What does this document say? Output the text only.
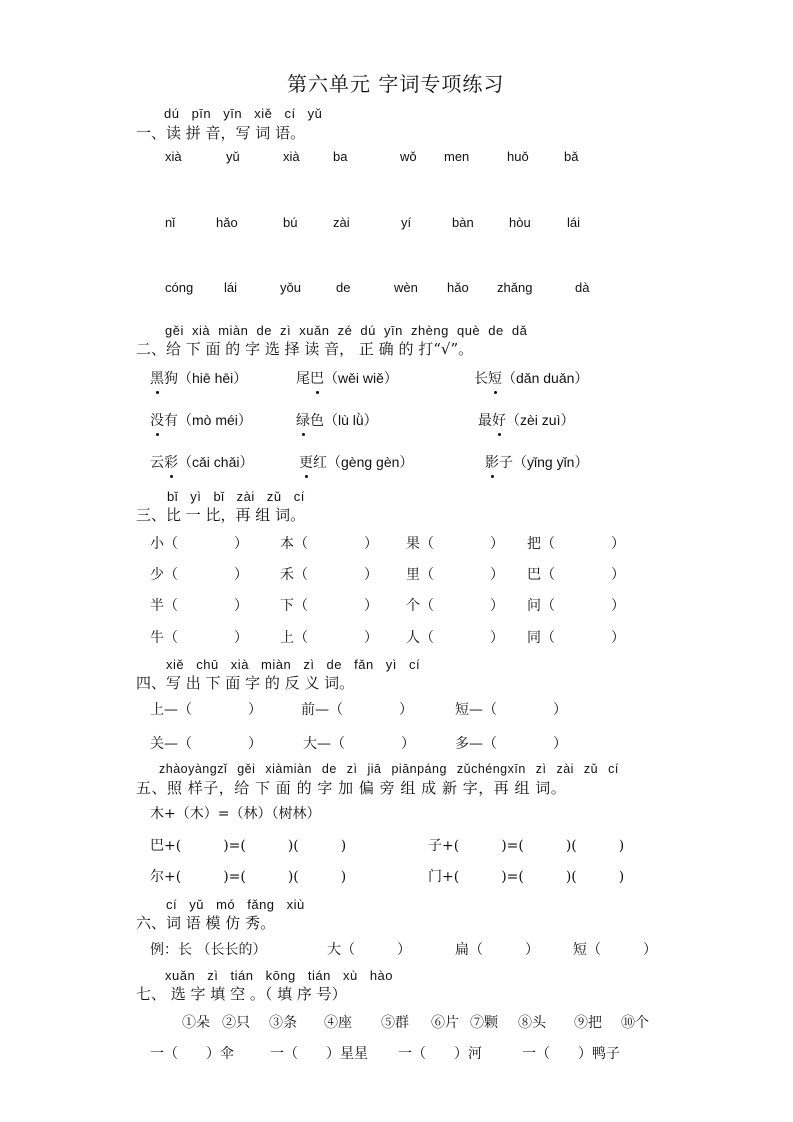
第六单元 字词专项练习
dú pīn yīn xiě cí yǔ
一、读 拼 音，写 词 语。
xià	yǔ	xià	ba	wǒ men	huǒ	bǎ
nǐ	hǎo	bú	zài	yí	bàn	hòu	lái
cóng lái	yǒu	de	wèn hǎo zhǎng	dà
gěi xià miàn de zì xuǎn zé dú yīn zhèng què de dǎ
二、给 下 面 的 字 选 择 读 音， 正 确 的 打“√”。
黑狗（hiē hēi）	尾巴（wěi wiě）	长短（dǎn duǎn）
没有（mò méi）	绿色（lù lǜ）	最好（zèi zuì）
云彩（cǎi chǎi）	更红（gèng gèn）	影子（yǐng yǐn）
bǐ yì bǐ zài zǔ cí
三、比 一 比，再 组 词。
小（　　　　） 本（　　　　） 果（　　　　） 把（　　　　）
少（　　　　） 禾（　　　　） 里（　　　　） 巴（　　　　）
半（　　　　） 下（　　　　） 个（　　　　） 问（　　　　）
牛（　　　　） 上（　　　　） 人（　　　　） 同（　　　　）
xiě chū xià miàn zì de fǎn yì cí
四、写 出 下 面 字 的 反 义 词。
上—（　　　　）	前—（　　　　）	短—（　　　　）
关—（　　　　）	大—（　　　　）	多—（　　　　）
zhàoyàngzǐ gěi xiàmiàn de zì jiā piānpáng zǔchéngxīn zì zài zǔ cí
五、照 样子，给 下 面 的 字 加 偏 旁 组 成 新 字，再 组 词。
木+（木）=（林）（树林）
巴+(　　　)=(　　　)(　　　)	子+(　　　)=(　　　)(　　　)
尔+(　　　)=(　　　)(　　　)	门+(　　　)=(　　　)(　　　)
cí yǔ mó fǎng xiù
六、词 语 模 仿 秀。
例：长 （长长的）	大（　　　）	扁（　　　） 短（　　　）
xuǎn zì tián kōng tián xù hào
七、 选 字 填 空 。（ 填 序 号）
①朵 ②只 ③条 ④座 ⑤群 ⑥片 ⑦颗 ⑧头 ⑨把 ⑩个
一（　　）伞	一（　　）星星 一（　　）河	一（　　）鸭子
